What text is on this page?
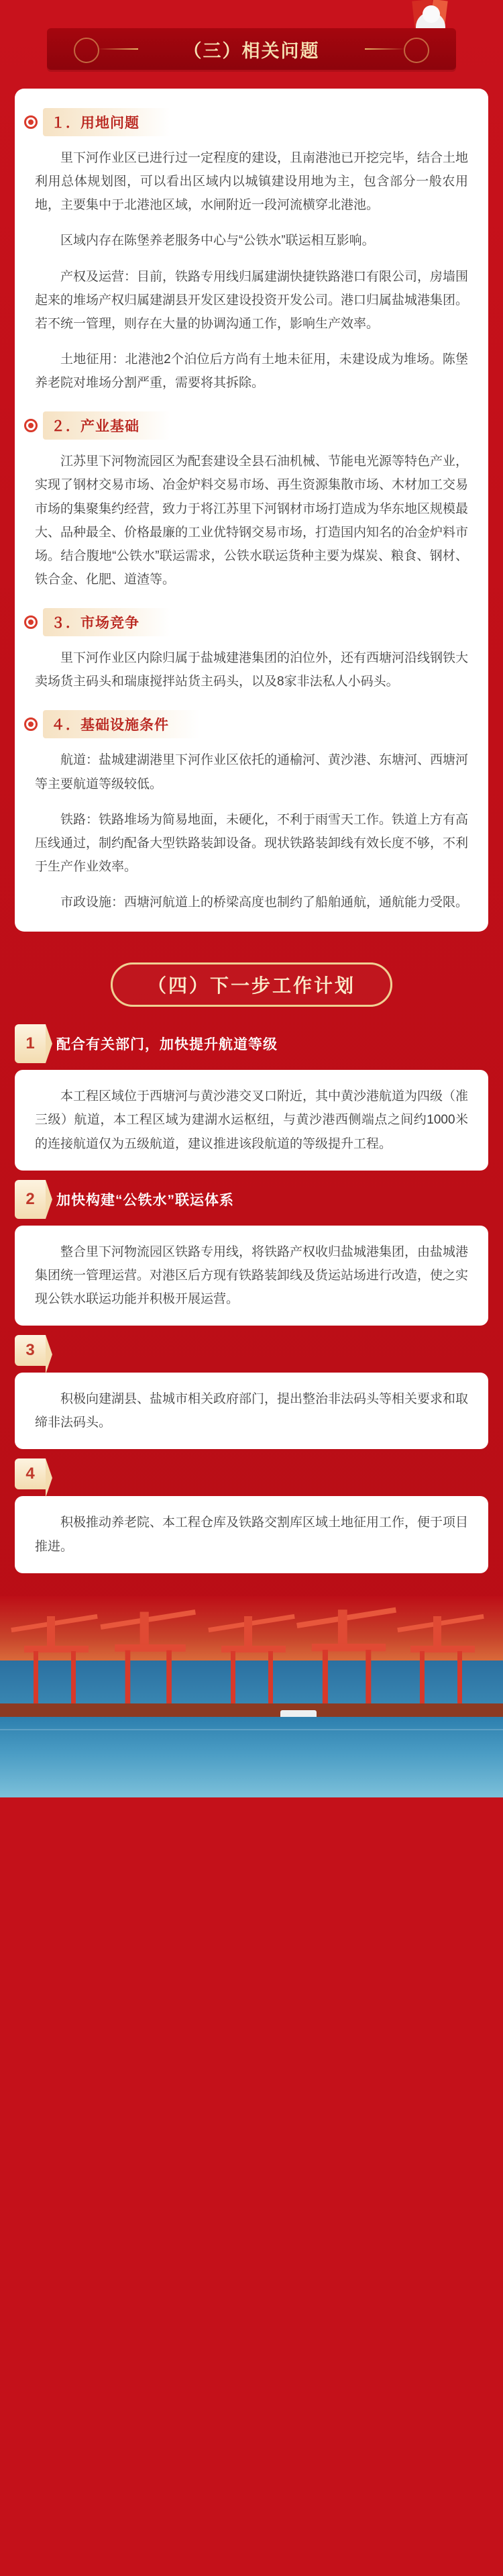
（三）相关问题
１．用地问题

里下河作业区已进行过一定程度的建设，且南港池已开挖完毕，结合土地利用总体规划图，可以看出区域内以城镇建设用地为主，包含部分一般农用地，主要集中于北港池区域，水闸附近一段河流横穿北港池。

区域内存在陈堡养老服务中心与“公铁水”联运相互影响。

产权及运营：目前，铁路专用线归属建湖快捷铁路港口有限公司，房墙围起来的堆场产权归属建湖县开发区建设投资开发公司。港口归属盐城港集团。若不统一管理，则存在大量的协调沟通工作，影响生产效率。

土地征用：北港池2个泊位后方尚有土地未征用，未建设成为堆场。陈堡养老院对堆场分割严重，需要将其拆除。

２．产业基础

江苏里下河物流园区为配套建设全县石油机械、节能电光源等特色产业，实现了钢材交易市场、冶金炉料交易市场、再生资源集散市场、木材加工交易市场的集聚集约经营，致力于将江苏里下河钢材市场打造成为华东地区规模最大、品种最全、价格最廉的工业优特钢交易市场，打造国内知名的冶金炉料市场。结合腹地“公铁水”联运需求，公铁水联运货种主要为煤炭、粮食、钢材、铁合金、化肥、道渣等。

３．市场竞争

里下河作业区内除归属于盐城建港集团的泊位外，还有西塘河沿线钢铁大卖场货主码头和瑞康搅拌站货主码头，以及8家非法私人小码头。

４．基础设施条件

航道：盐城建湖港里下河作业区依托的通榆河、黄沙港、东塘河、西塘河等主要航道等级较低。

铁路：铁路堆场为简易地面，未硬化，不利于雨雪天工作。铁道上方有高压线通过，制约配备大型铁路装卸设备。现状铁路装卸线有效长度不够，不利于生产作业效率。

市政设施：西塘河航道上的桥梁高度也制约了船舶通航，通航能力受限。

（四）下一步工作计划
1	配合有关部门，加快提升航道等级

本工程区域位于西塘河与黄沙港交叉口附近，其中黄沙港航道为四级（准三级）航道，本工程区域为建湖水运枢纽，与黄沙港西侧端点之间约1000米的连接航道仅为五级航道，建议推进该段航道的等级提升工程。

2	加快构建“公铁水”联运体系

整合里下河物流园区铁路专用线，将铁路产权收归盐城港集团，由盐城港集团统一管理运营。对港区后方现有铁路装卸线及货运站场进行改造，使之实现公铁水联运功能并积极开展运营。

3

积极向建湖县、盐城市相关政府部门，提出整治非法码头等相关要求和取缔非法码头。

4

积极推动养老院、本工程仓库及铁路交割库区域土地征用工作，便于项目推进。
